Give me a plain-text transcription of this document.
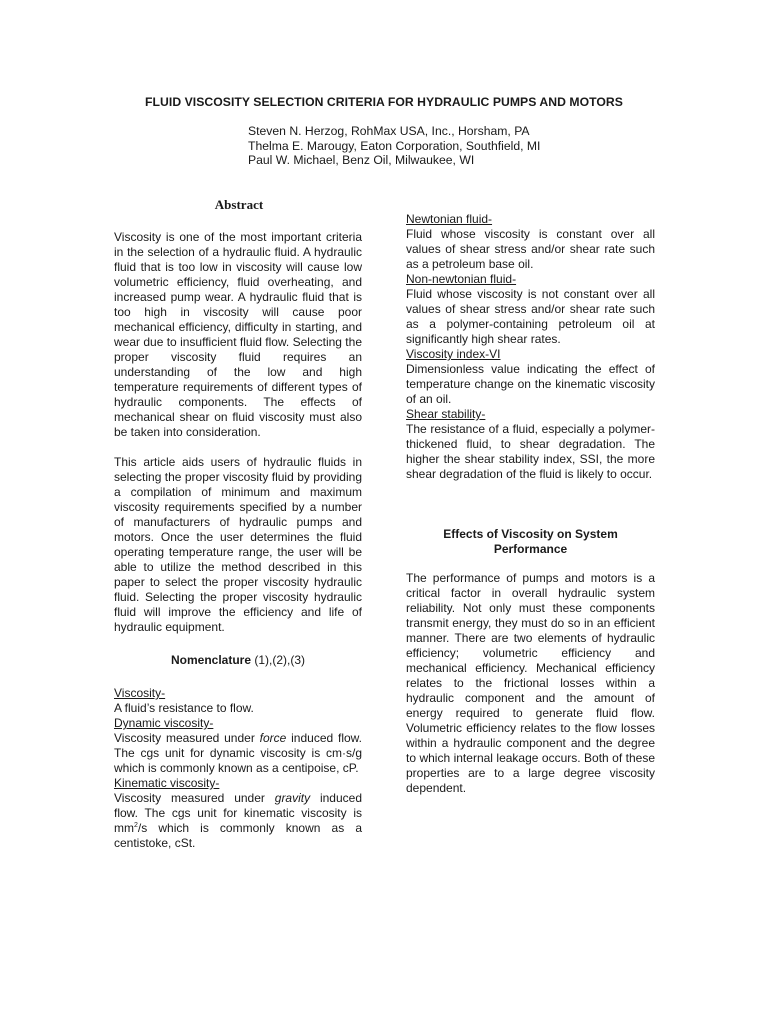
FLUID VISCOSITY SELECTION CRITERIA FOR HYDRAULIC PUMPS AND MOTORS
Steven N. Herzog, RohMax USA, Inc., Horsham, PA
Thelma E. Marougy, Eaton Corporation, Southfield, MI
Paul W. Michael, Benz Oil, Milwaukee, WI
Abstract

Viscosity is one of the most important criteria in the selection of a hydraulic fluid. A hydraulic fluid that is too low in viscosity will cause low volumetric efficiency, fluid overheating, and increased pump wear. A hydraulic fluid that is too high in viscosity will cause poor mechanical efficiency, difficulty in starting, and wear due to insufficient fluid flow. Selecting the proper viscosity fluid requires an understanding of the low and high temperature requirements of different types of hydraulic components. The effects of mechanical shear on fluid viscosity must also be taken into consideration.

This article aids users of hydraulic fluids in selecting the proper viscosity fluid by providing a compilation of minimum and maximum viscosity requirements specified by a number of manufacturers of hydraulic pumps and motors. Once the user determines the fluid operating temperature range, the user will be able to utilize the method described in this paper to select the proper viscosity hydraulic fluid. Selecting the proper viscosity hydraulic fluid will improve the efficiency and life of hydraulic equipment.

Nomenclature (1),(2),(3)
Viscosity-
A fluid’s resistance to flow.
Dynamic viscosity-
Viscosity measured under force induced flow. The cgs unit for dynamic viscosity is cm·s/g which is commonly known as a centipoise, cP.
Kinematic viscosity-
Viscosity measured under gravity induced flow. The cgs unit for kinematic viscosity is $mm^2/s$ which is commonly known as a centistoke, cSt.
Newtonian fluid-
Fluid whose viscosity is constant over all values of shear stress and/or shear rate such as a petroleum base oil.
Non-newtonian fluid-
Fluid whose viscosity is not constant over all values of shear stress and/or shear rate such as a polymer-containing petroleum oil at significantly high shear rates.
Viscosity index-VI
Dimensionless value indicating the effect of temperature change on the kinematic viscosity of an oil.
Shear stability-
The resistance of a fluid, especially a polymer-thickened fluid, to shear degradation. The higher the shear stability index, SSI, the more shear degradation of the fluid is likely to occur.
Effects of Viscosity on System Performance

The performance of pumps and motors is a critical factor in overall hydraulic system reliability. Not only must these components transmit energy, they must do so in an efficient manner. There are two elements of hydraulic efficiency; volumetric efficiency and mechanical efficiency. Mechanical efficiency relates to the frictional losses within a hydraulic component and the amount of energy required to generate fluid flow. Volumetric efficiency relates to the flow losses within a hydraulic component and the degree to which internal leakage occurs. Both of these properties are to a large degree viscosity dependent.
